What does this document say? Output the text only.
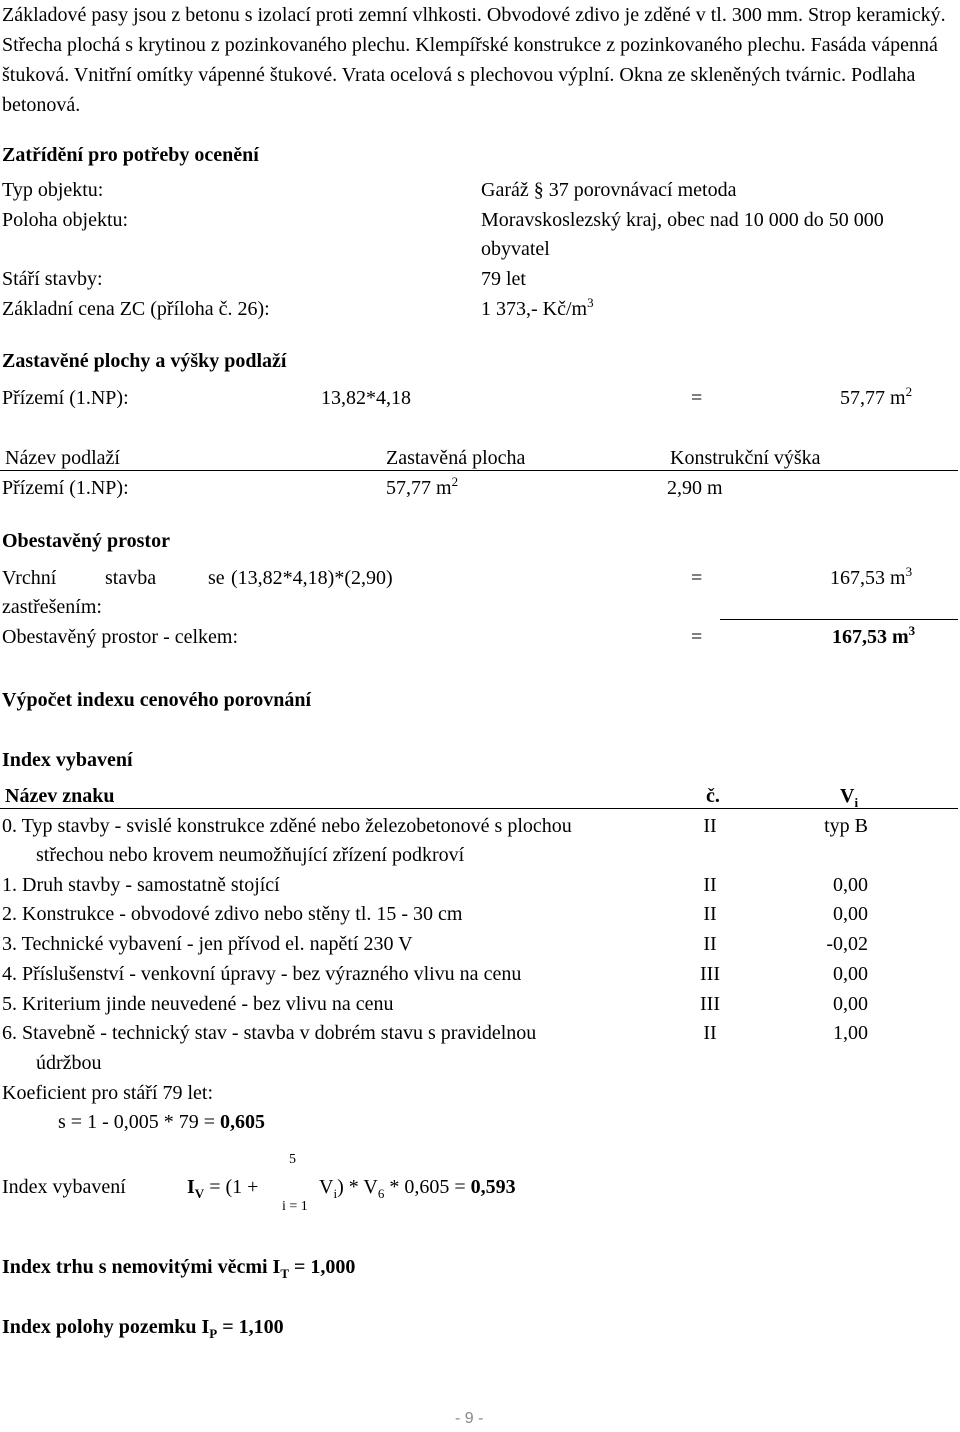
Základové pasy jsou z betonu s izolací proti zemní vlhkosti. Obvodové zdivo je zděné v tl. 300 mm. Strop keramický. Střecha plochá s krytinou z pozinkovaného plechu. Klempířské konstrukce z pozinkovaného plechu. Fasáda vápenná štuková. Vnitřní omítky vápenné štukové. Vrata ocelová s plechovou výplní. Okna ze skleněných tvárnic. Podlaha betonová.
Zatřídění pro potřeby ocenění
Typ objektu:	Garáž § 37 porovnávací metoda
Poloha objektu:	Moravskoslezský kraj, obec nad 10 000 do 50 000
obyvatel
Stáří stavby:	79 let
Základní cena ZC (příloha č. 26):	1 373,- $Kč/m^3$
Zastavěné plochy a výšky podlaží
Přízemí (1.NP):	13,82*4,18	=	57,77 $m^2$
Název podlaží	Zastavěná plocha	Konstrukční výška
Přízemí (1.NP):	57,77 $m^2$	2,90 m
Obestavěný prostor
Vrchní stavba	se (13,82*4,18)*(2,90)	=	167,53 $m^3$
zastřešením:
Obestavěný prostor - celkem:	=	167,53 $m^3$
Výpočet indexu cenového porovnání
Index vybavení
Název znaku	č.	$V_i$
0. Typ stavby - svislé konstrukce zděné nebo železobetonové s plochou
střechou nebo krovem neumožňující zřízení podkroví
II	typ B
1. Druh stavby - samostatně stojící	II	0,00
2. Konstrukce - obvodové zdivo nebo stěny tl. 15 - 30 cm	II	0,00
3. Technické vybavení - jen přívod el. napětí 230 V	II	-0,02
4. Příslušenství - venkovní úpravy - bez výrazného vlivu na cenu	III	0,00
5. Kriterium jinde neuvedené - bez vlivu na cenu	III	0,00
6. Stavebně - technický stav - stavba v dobrém stavu s pravidelnou
údržbou
II	1,00
Koeficient pro stáří 79 let:
s = 1 - 0,005 * 79 = 0,605
Index vybavení	$I_V = (1$ +
5
i = 1
$V_i) * V_6 * 0,605 = 0,593$
Index trhu s nemovitými věcmi $I_T = 1,000$
Index polohy pozemku $I_P = 1,100$
- 9 -
